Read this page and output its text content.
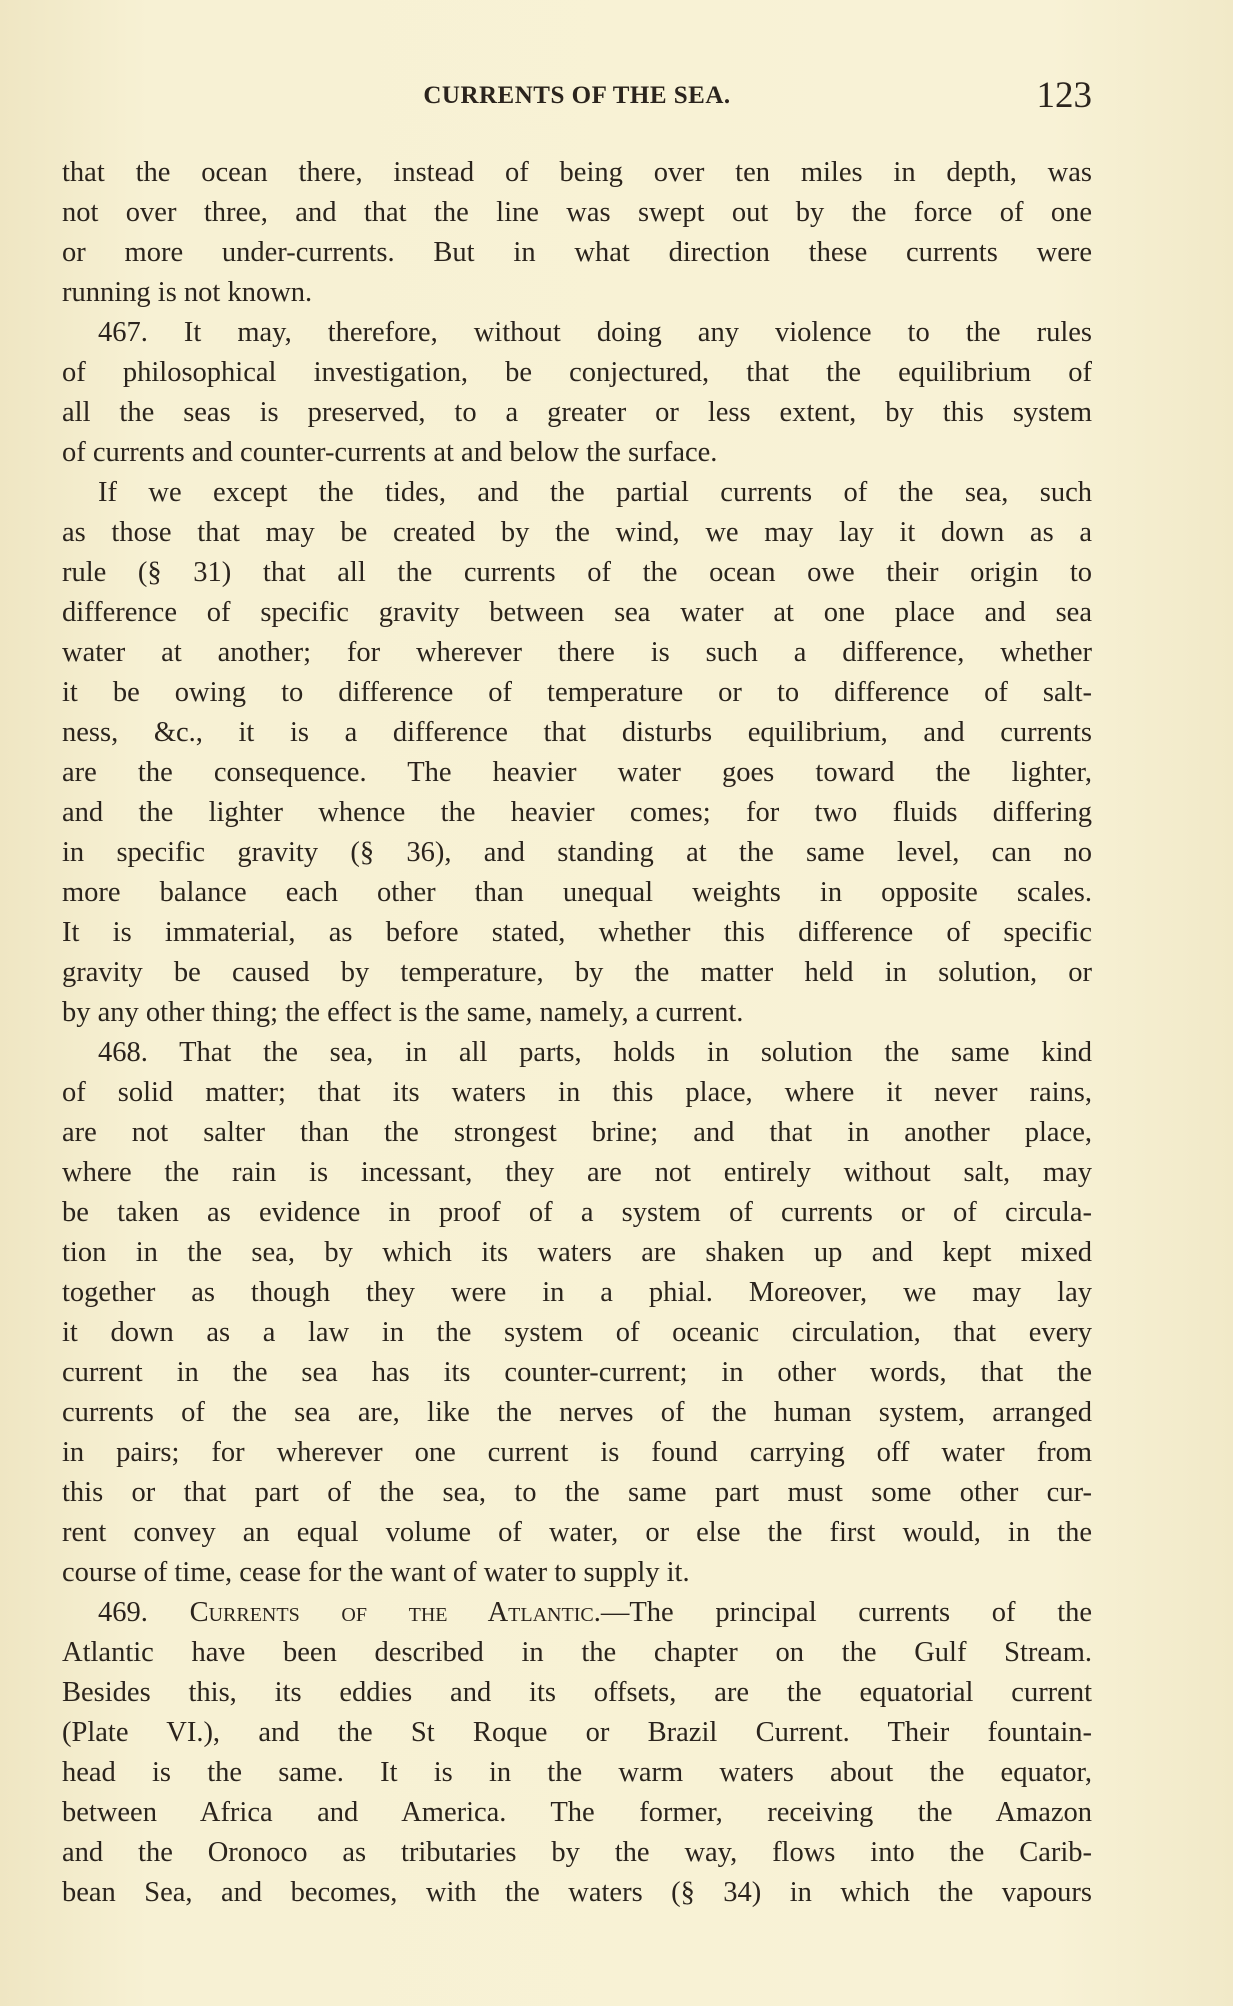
CURRENTS OF THE SEA.	123
that the ocean there, instead of being over ten miles in depth, was
not over three, and that the line was swept out by the force of one
or more under-currents. But in what direction these currents were
running is not known.
467. It may, therefore, without doing any violence to the rules
of philosophical investigation, be conjectured, that the equilibrium of
all the seas is preserved, to a greater or less extent, by this system
of currents and counter-currents at and below the surface.
If we except the tides, and the partial currents of the sea, such
as those that may be created by the wind, we may lay it down as a
rule (§ 31) that all the currents of the ocean owe their origin to
difference of specific gravity between sea water at one place and sea
water at another; for wherever there is such a difference, whether
it be owing to difference of temperature or to difference of salt-
ness, &c., it is a difference that disturbs equilibrium, and currents
are the consequence. The heavier water goes toward the lighter,
and the lighter whence the heavier comes; for two fluids differing
in specific gravity (§ 36), and standing at the same level, can no
more balance each other than unequal weights in opposite scales.
It is immaterial, as before stated, whether this difference of specific
gravity be caused by temperature, by the matter held in solution, or
by any other thing; the effect is the same, namely, a current.
468. That the sea, in all parts, holds in solution the same kind
of solid matter; that its waters in this place, where it never rains,
are not salter than the strongest brine; and that in another place,
where the rain is incessant, they are not entirely without salt, may
be taken as evidence in proof of a system of currents or of circula-
tion in the sea, by which its waters are shaken up and kept mixed
together as though they were in a phial. Moreover, we may lay
it down as a law in the system of oceanic circulation, that every
current in the sea has its counter-current; in other words, that the
currents of the sea are, like the nerves of the human system, arranged
in pairs; for wherever one current is found carrying off water from
this or that part of the sea, to the same part must some other cur-
rent convey an equal volume of water, or else the first would, in the
course of time, cease for the want of water to supply it.
469. Currents of the Atlantic.—The principal currents of the
Atlantic have been described in the chapter on the Gulf Stream.
Besides this, its eddies and its offsets, are the equatorial current
(Plate VI.), and the St Roque or Brazil Current. Their fountain-
head is the same. It is in the warm waters about the equator,
between Africa and America. The former, receiving the Amazon
and the Oronoco as tributaries by the way, flows into the Carib-
bean Sea, and becomes, with the waters (§ 34) in which the vapours
